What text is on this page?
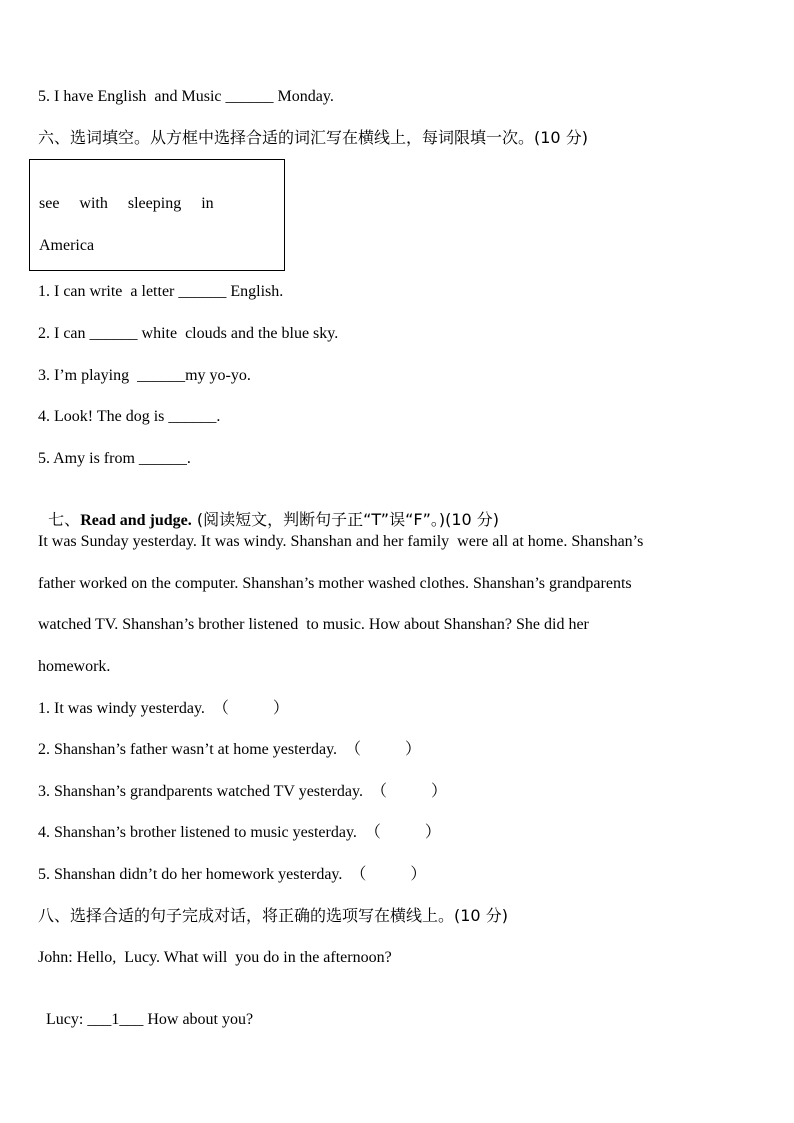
5. I have English  and Music ______ Monday.
六、选词填空。从方框中选择合适的词汇写在横线上，每词限填一次。(10 分)
see     with     sleeping     in
America
1. I can write  a letter ______ English.
2. I can ______ white  clouds and the blue sky.
3. I’m playing  ______my yo-yo.
4. Look! The dog is ______.
5. Amy is from ______.

七、Read and judge. (阅读短文，判断句子正“T”误“F”。)(10 分)

It was Sunday yesterday. It was windy. Shanshan and her family  were all at home. Shanshan’s
father worked on the computer. Shanshan’s mother washed clothes. Shanshan’s grandparents
watched TV. Shanshan’s brother listened  to music. How about Shanshan? She did her
homework.
1. It was windy yesterday.  （           ）
2. Shanshan’s father wasn’t at home yesterday.  （           ）
3. Shanshan’s grandparents watched TV yesterday.  （           ）
4. Shanshan’s brother listened to music yesterday.  （           ）
5. Shanshan didn’t do her homework yesterday.  （           ）
八、选择合适的句子完成对话，将正确的选项写在横线上。(10 分)
John: Hello,  Lucy. What will  you do in the afternoon?

Lucy: ___1___ How about you?
